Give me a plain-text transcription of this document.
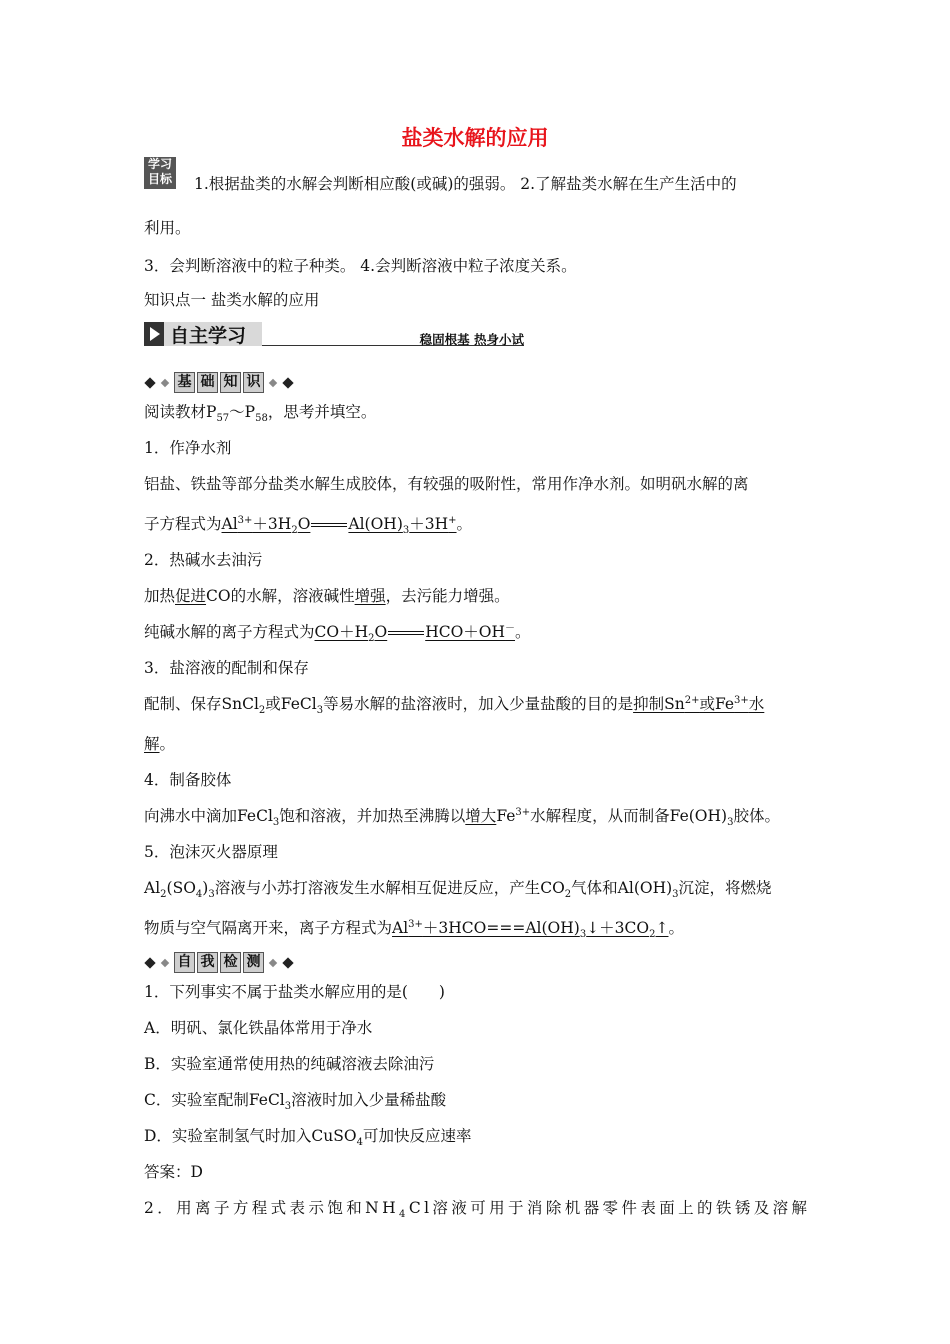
盐类水解的应用
学习
目标 1.根据盐类的水解会判断相应酸(或碱)的强弱。 2.了解盐类水解在生产生活中的
利用。
3．会判断溶液中的粒子种类。 4.会判断溶液中粒子浓度关系。
知识点一 盐类水解的应用
自主学习	稳固根基 热身小试
基 础 知 识
阅读教材$P_{57}\sim P_{58}$，思考并填空。
1．作净水剂
铝盐、铁盐等部分盐类水解生成胶体，有较强的吸附性，常用作净水剂。如明矾水解的离
子方程式为$Al^{3+}+3H_2O$ $Al(OH)_3+3H^+$。
2．热碱水去油污
加热促进CO的水解，溶液碱性增强，去污能力增强。
纯碱水解的离子方程式为$CO+H_2O$ HCO＋OH－。
3．盐溶液的配制和保存
配制、保存SnCl$_2$或FeCl$_3$等易水解的盐溶液时，加入少量盐酸的目的是抑制$Sn^{2+}$或$Fe^{3+}$水
解。
4．制备胶体
向沸水中滴加FeCl$_3$饱和溶液，并加热至沸腾以增大$Fe^{3+}$水解程度，从而制备$Fe(OH)_3$胶体。
5．泡沫灭火器原理
$Al_2(SO_4)_3$溶液与小苏打溶液发生水解相互促进反应，产生$CO_2$气体和$Al(OH)_3$沉淀，将燃烧
物质与空气隔离开来，离子方程式为$Al^{3+}+3HCO===Al(OH)_3↓+3CO_2↑$。
自 我 检 测
1．下列事实不属于盐类水解应用的是(　　)
A．明矾、氯化铁晶体常用于净水
B．实验室通常使用热的纯碱溶液去除油污
C．实验室配制FeCl$_3$溶液时加入少量稀盐酸
D．实验室制氢气时加入CuSO$_4$可加快反应速率
答案：D
2．用离子方程式表示饱和$NH_4Cl$溶液可用于消除机器零件表面上的铁锈及溶解
